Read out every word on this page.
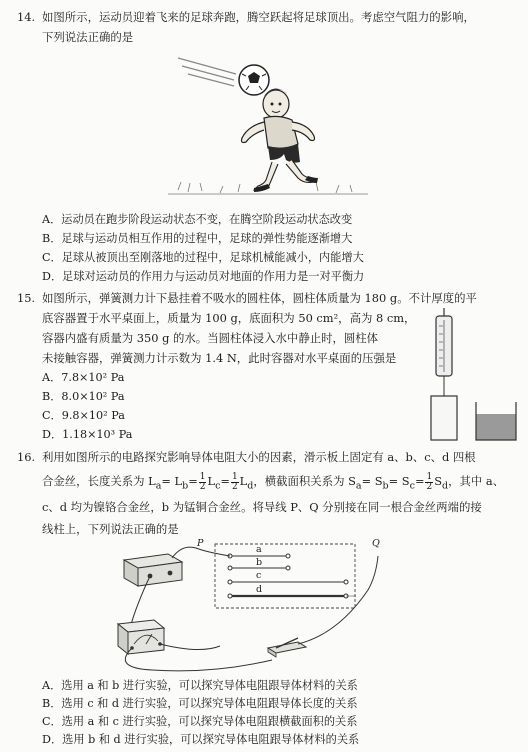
14. 如图所示，运动员迎着飞来的足球奔跑，腾空跃起将足球顶出。考虑空气阻力的影响，
下列说法正确的是
A．运动员在跑步阶段运动状态不变，在腾空阶段运动状态改变
B．足球与运动员相互作用的过程中，足球的弹性势能逐渐增大
C．足球从被顶出至刚落地的过程中，足球机械能减小，内能增大
D．足球对运动员的作用力与运动员对地面的作用力是一对平衡力
15. 如图所示，弹簧测力计下悬挂着不吸水的圆柱体，圆柱体质量为 180 g。不计厚度的平
底容器置于水平桌面上，质量为 100 g，底面积为 50 cm²，高为 8 cm，
容器内盛有质量为 350 g 的水。当圆柱体浸入水中静止时，圆柱体
未接触容器，弹簧测力计示数为 1.4 N，此时容器对水平桌面的压强是
A．7.8×10² Pa
B．8.0×10² Pa
C．9.8×10² Pa
D．1.18×10³ Pa
16. 利用如图所示的电路探究影响导体电阻大小的因素，滑示板上固定有 a、b、c、d 四根
合金丝，长度关系为 $L_a= L_b= \frac{1}{2} L_c= \frac{1}{2} L_d$，横截面积关系为 $S_a= S_b= S_c= \frac{1}{2} S_d$，其中 a、
c、d 均为镍铬合金丝，b 为锰铜合金丝。将导线 P、Q 分别接在同一根合金丝两端的接
线柱上，下列说法正确的是
P	Q
a
b
c
d
A．选用 a 和 b 进行实验，可以探究导体电阻跟导体材料的关系
B．选用 c 和 d 进行实验，可以探究导体电阻跟导体长度的关系
C．选用 a 和 c 进行实验，可以探究导体电阻跟横截面积的关系
D．选用 b 和 d 进行实验，可以探究导体电阻跟导体材料的关系
